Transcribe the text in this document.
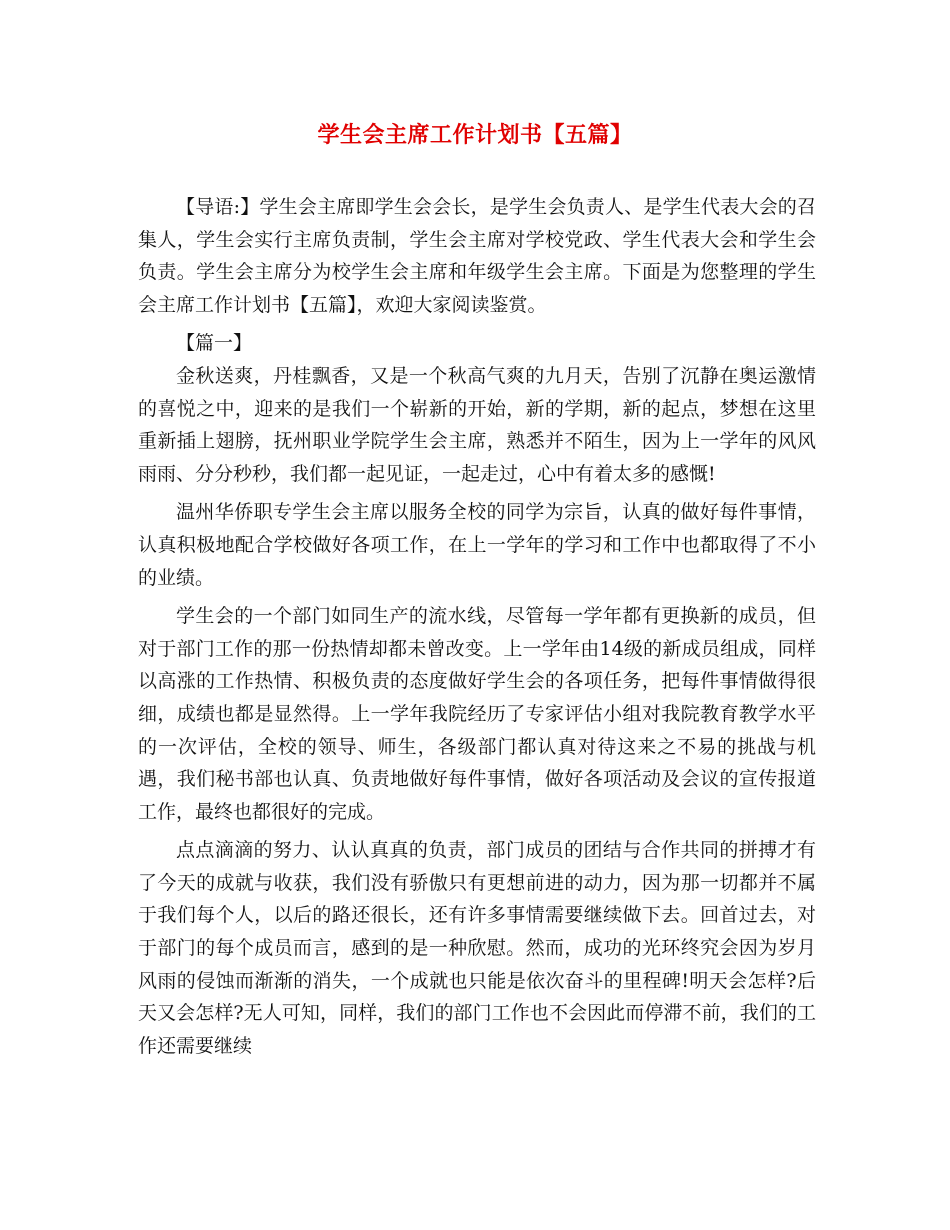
学生会主席工作计划书【五篇】

【导语:】学生会主席即学生会会长，是学生会负责人、是学生代表大会的召集人，学生会实行主席负责制，学生会主席对学校党政、学生代表大会和学生会负责。学生会主席分为校学生会主席和年级学生会主席。下面是为您整理的学生会主席工作计划书【五篇】，欢迎大家阅读鉴赏。

【篇一】

金秋送爽，丹桂飘香，又是一个秋高气爽的九月天，告别了沉静在奥运激情的喜悦之中，迎来的是我们一个崭新的开始，新的学期，新的起点，梦想在这里重新插上翅膀，抚州职业学院学生会主席，熟悉并不陌生，因为上一学年的风风雨雨、分分秒秒，我们都一起见证，一起走过，心中有着太多的感慨!

温州华侨职专学生会主席以服务全校的同学为宗旨，认真的做好每件事情，认真积极地配合学校做好各项工作，在上一学年的学习和工作中也都取得了不小的业绩。

学生会的一个部门如同生产的流水线，尽管每一学年都有更换新的成员，但对于部门工作的那一份热情却都未曾改变。上一学年由14级的新成员组成，同样以高涨的工作热情、积极负责的态度做好学生会的各项任务，把每件事情做得很细，成绩也都是显然得。上一学年我院经历了专家评估小组对我院教育教学水平的一次评估，全校的领导、师生，各级部门都认真对待这来之不易的挑战与机遇，我们秘书部也认真、负责地做好每件事情，做好各项活动及会议的宣传报道工作，最终也都很好的完成。

点点滴滴的努力、认认真真的负责，部门成员的团结与合作共同的拼搏才有了今天的成就与收获，我们没有骄傲只有更想前进的动力，因为那一切都并不属于我们每个人，以后的路还很长，还有许多事情需要继续做下去。回首过去，对于部门的每个成员而言，感到的是一种欣慰。然而，成功的光环终究会因为岁月风雨的侵蚀而渐渐的消失，一个成就也只能是依次奋斗的里程碑!明天会怎样?后天又会怎样?无人可知，同样，我们的部门工作也不会因此而停滞不前，我们的工作还需要继续
